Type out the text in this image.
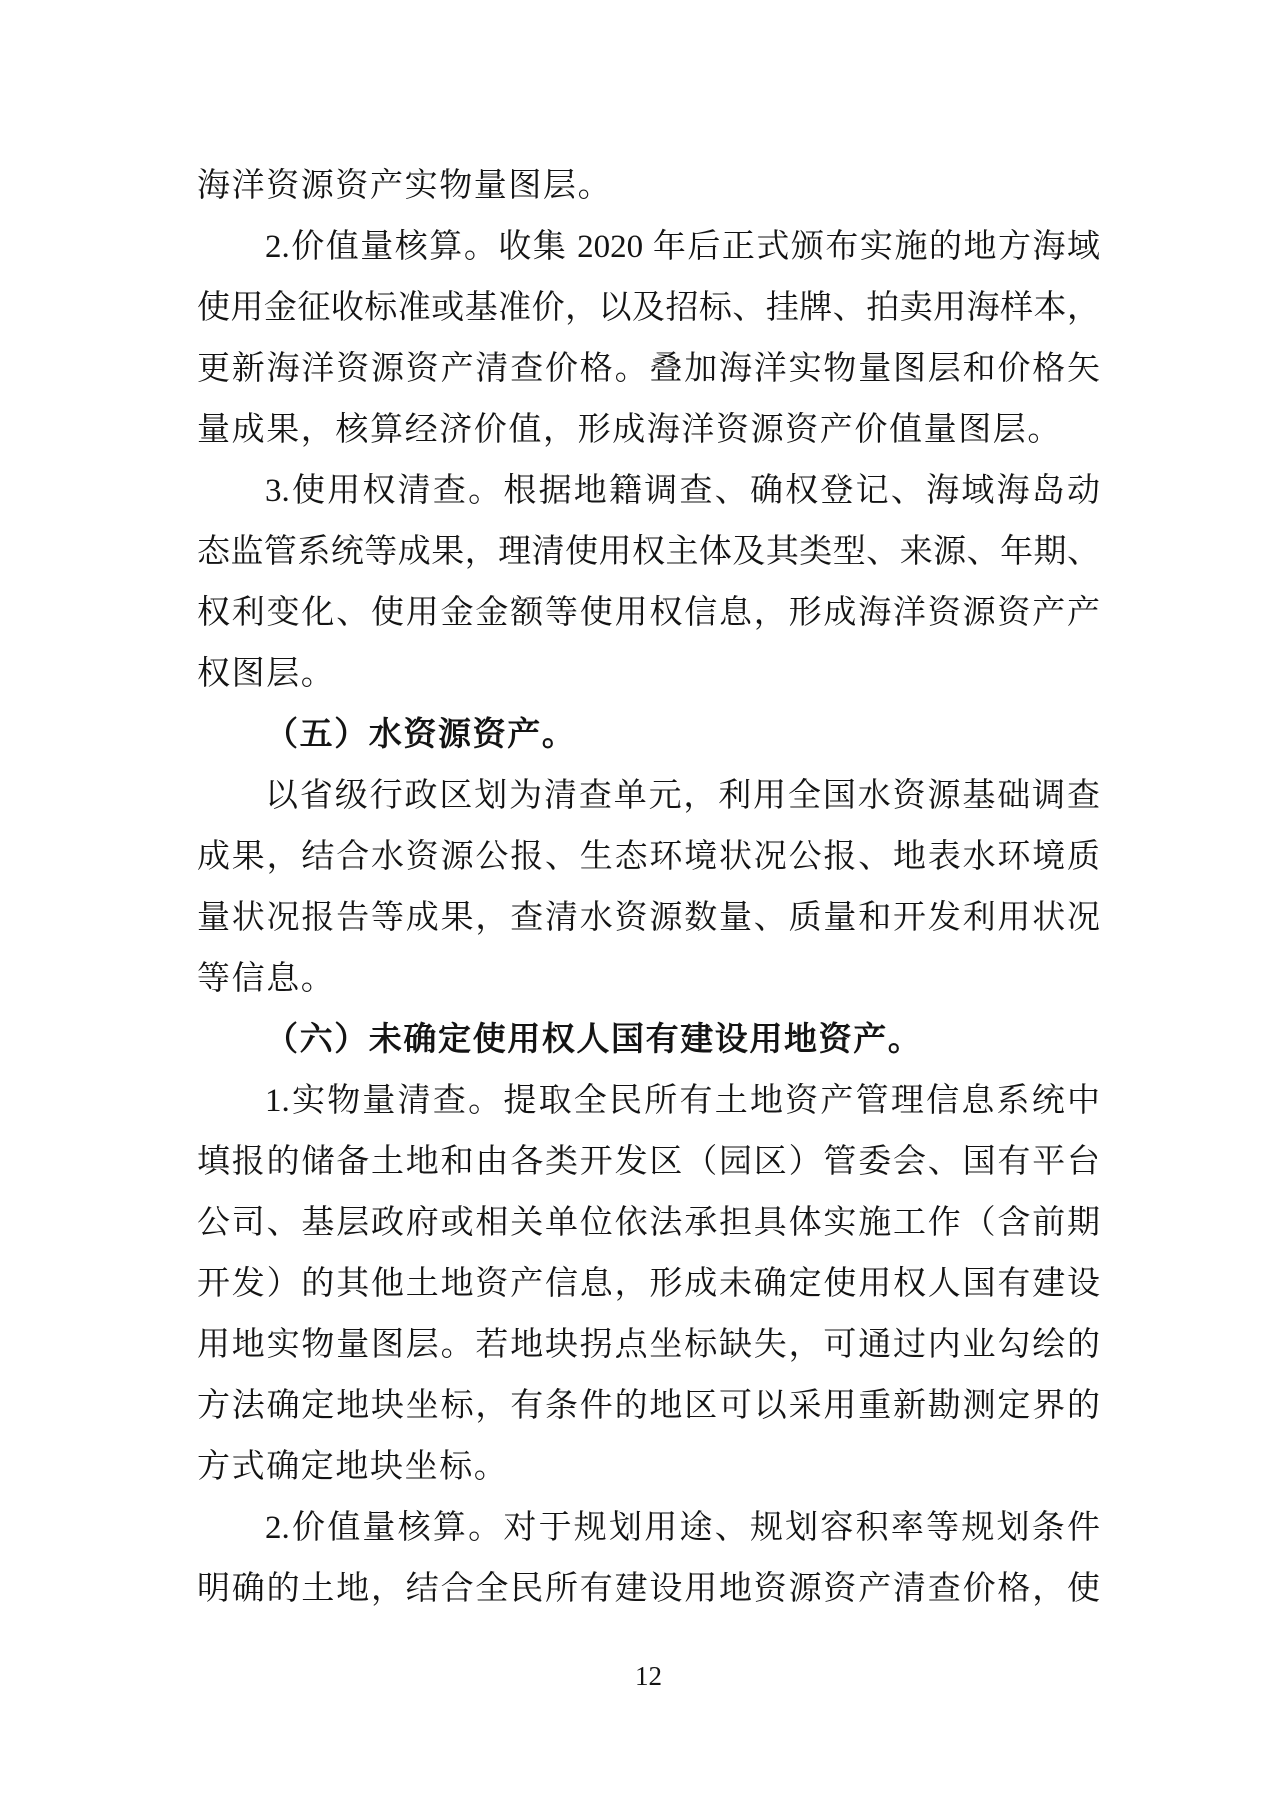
海洋资源资产实物量图层。
2.价值量核算。收集 2020 年后正式颁布实施的地方海域
使用金征收标准或基准价，以及招标、挂牌、拍卖用海样本，
更新海洋资源资产清查价格。叠加海洋实物量图层和价格矢
量成果，核算经济价值，形成海洋资源资产价值量图层。
3.使用权清查。根据地籍调查、确权登记、海域海岛动
态监管系统等成果，理清使用权主体及其类型、来源、年期、
权利变化、使用金金额等使用权信息，形成海洋资源资产产
权图层。
（五）水资源资产。
以省级行政区划为清查单元，利用全国水资源基础调查
成果，结合水资源公报、生态环境状况公报、地表水环境质
量状况报告等成果，查清水资源数量、质量和开发利用状况
等信息。
（六）未确定使用权人国有建设用地资产。
1.实物量清查。提取全民所有土地资产管理信息系统中
填报的储备土地和由各类开发区（园区）管委会、国有平台
公司、基层政府或相关单位依法承担具体实施工作（含前期
开发）的其他土地资产信息，形成未确定使用权人国有建设
用地实物量图层。若地块拐点坐标缺失，可通过内业勾绘的
方法确定地块坐标，有条件的地区可以采用重新勘测定界的
方式确定地块坐标。
2.价值量核算。对于规划用途、规划容积率等规划条件
明确的土地，结合全民所有建设用地资源资产清查价格，使
12
